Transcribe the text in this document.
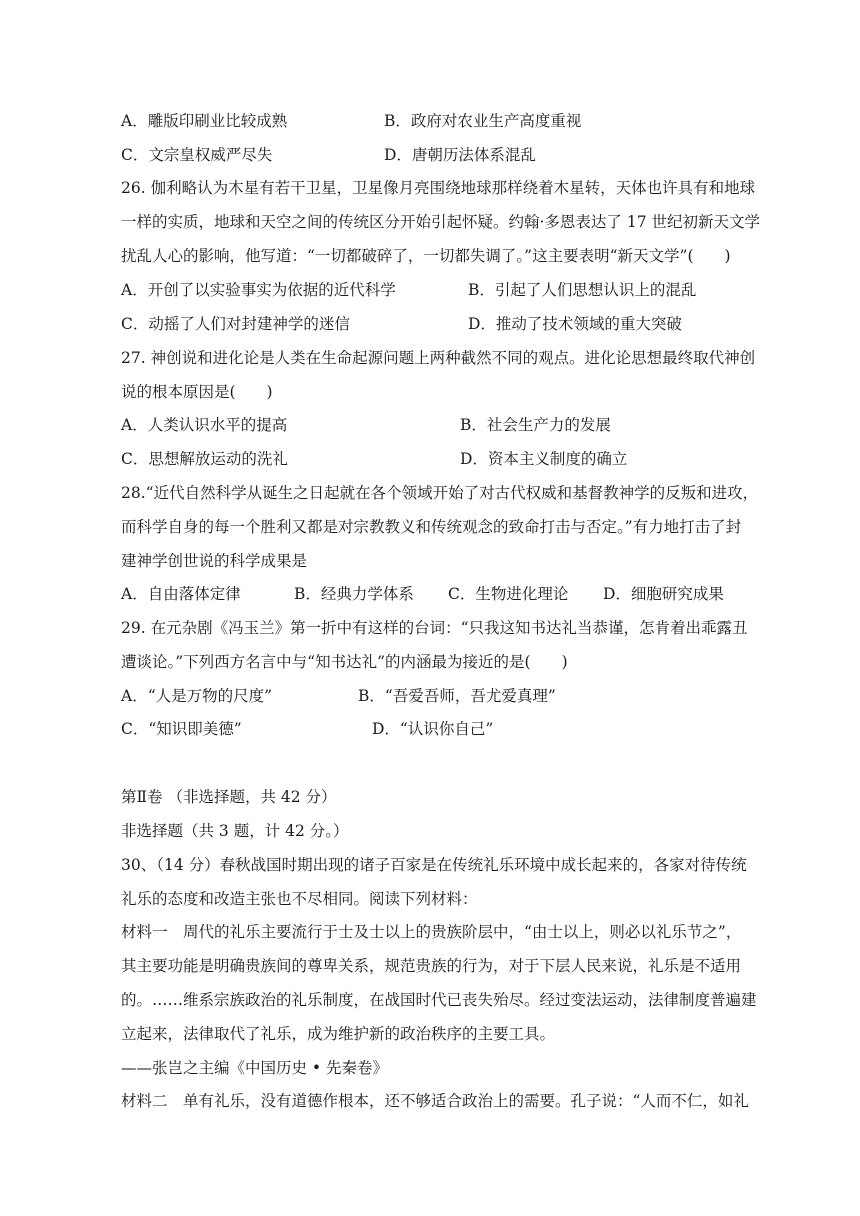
A．雕版印刷业比较成熟	B．政府对农业生产高度重视
C．文宗皇权威严尽失	D．唐朝历法体系混乱
26. 伽利略认为木星有若干卫星，卫星像月亮围绕地球那样绕着木星转，天体也许具有和地球
一样的实质，地球和天空之间的传统区分开始引起怀疑。约翰·多恩表达了 17 世纪初新天文学
扰乱人心的影响，他写道：“一切都破碎了，一切都失调了。”这主要表明“新天文学”(　　)
A．开创了以实验事实为依据的近代科学	B．引起了人们思想认识上的混乱
C．动摇了人们对封建神学的迷信	D．推动了技术领域的重大突破
27. 神创说和进化论是人类在生命起源问题上两种截然不同的观点。进化论思想最终取代神创
说的根本原因是(　　)
A．人类认识水平的提高	B．社会生产力的发展
C．思想解放运动的洗礼	D．资本主义制度的确立
28.“近代自然科学从诞生之日起就在各个领域开始了对古代权威和基督教神学的反叛和进攻，
而科学自身的每一个胜利又都是对宗教教义和传统观念的致命打击与否定。”有力地打击了封
建神学创世说的科学成果是
A．自由落体定律	B．经典力学体系 C．生物进化理论 D．细胞研究成果
29. 在元杂剧《冯玉兰》第一折中有这样的台词：“只我这知书达礼当恭谨，怎肯着出乖露丑
遭谈论。”下列西方名言中与“知书达礼”的内涵最为接近的是(　　)
A．“人是万物的尺度”	B．“吾爱吾师，吾尤爱真理”
C．“知识即美德”	D．“认识你自己”
第Ⅱ卷 （非选择题，共 42 分）
非选择题（共 3 题，计 42 分。）
30、（14 分）春秋战国时期出现的诸子百家是在传统礼乐环境中成长起来的，各家对待传统
礼乐的态度和改造主张也不尽相同。阅读下列材料：
材料一　周代的礼乐主要流行于士及士以上的贵族阶层中，“由士以上，则必以礼乐节之”，
其主要功能是明确贵族间的尊卑关系，规范贵族的行为，对于下层人民来说，礼乐是不适用
的。……维系宗族政治的礼乐制度，在战国时代已丧失殆尽。经过变法运动，法律制度普遍建
立起来，法律取代了礼乐，成为维护新的政治秩序的主要工具。
——张岂之主编《中国历史 • 先秦卷》
材料二　单有礼乐，没有道德作根本，还不够适合政治上的需要。孔子说：“人而不仁，如礼
